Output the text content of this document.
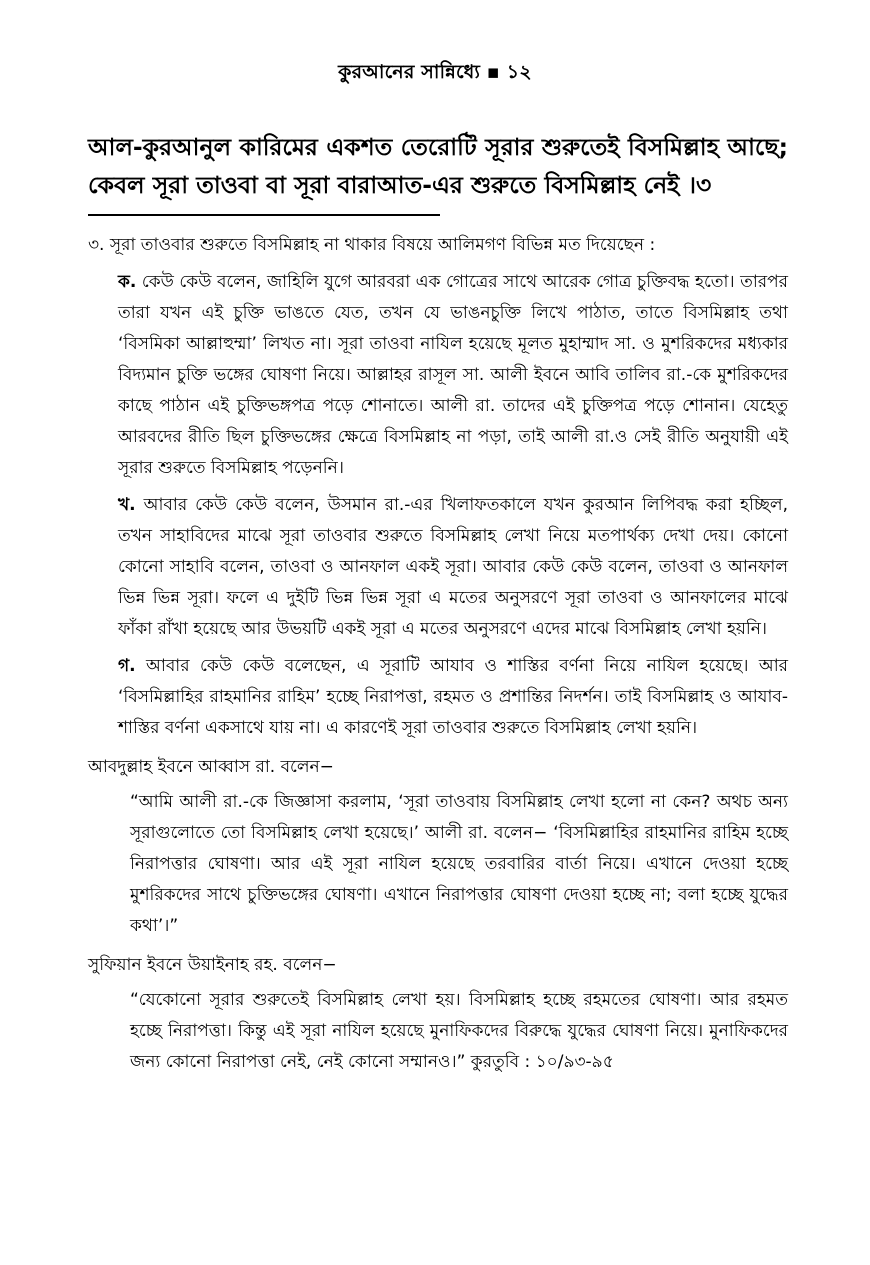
কুরআনের সান্নিধ্যে ▪ ১২

আল-কুরআনুল কারিমের একশত তেরোটি সূরার শুরুতেই বিসমিল্লাহ আছে; কেবল সূরা তাওবা বা সূরা বারাআত-এর শুরুতে বিসমিল্লাহ নেই ।৩

৩. সূরা তাওবার শুরুতে বিসমিল্লাহ না থাকার বিষয়ে আলিমগণ বিভিন্ন মত দিয়েছেন :

ক. কেউ কেউ বলেন, জাহিলি যুগে আরবরা এক গোত্রের সাথে আরেক গোত্র চুক্তিবদ্ধ হতো। তারপর তারা যখন এই চুক্তি ভাঙতে যেত, তখন যে ভাঙনচুক্তি লিখে পাঠাত, তাতে বিসমিল্লাহ তথা ‘বিসমিকা আল্লাহুম্মা’ লিখত না। সূরা তাওবা নাযিল হয়েছে মূলত মুহাম্মাদ সা. ও মুশরিকদের মধ্যকার বিদ্যমান চুক্তি ভঙ্গের ঘোষণা নিয়ে। আল্লাহর রাসূল সা. আলী ইবনে আবি তালিব রা.-কে মুশরিকদের কাছে পাঠান এই চুক্তিভঙ্গপত্র পড়ে শোনাতে। আলী রা. তাদের এই চুক্তিপত্র পড়ে শোনান। যেহেতু আরবদের রীতি ছিল চুক্তিভঙ্গের ক্ষেত্রে বিসমিল্লাহ না পড়া, তাই আলী রা.ও সেই রীতি অনুযায়ী এই সূরার শুরুতে বিসমিল্লাহ পড়েননি।

খ. আবার কেউ কেউ বলেন, উসমান রা.-এর খিলাফতকালে যখন কুরআন লিপিবদ্ধ করা হচ্ছিল, তখন সাহাবিদের মাঝে সূরা তাওবার শুরুতে বিসমিল্লাহ লেখা নিয়ে মতপার্থক্য দেখা দেয়। কোনো কোনো সাহাবি বলেন, তাওবা ও আনফাল একই সূরা। আবার কেউ কেউ বলেন, তাওবা ও আনফাল ভিন্ন ভিন্ন সূরা। ফলে এ দুইটি ভিন্ন ভিন্ন সূরা এ মতের অনুসরণে সূরা তাওবা ও আনফালের মাঝে ফাঁকা রাঁখা হয়েছে আর উভয়টি একই সূরা এ মতের অনুসরণে এদের মাঝে বিসমিল্লাহ লেখা হয়নি।

গ. আবার কেউ কেউ বলেছেন, এ সূরাটি আযাব ও শাস্তির বর্ণনা নিয়ে নাযিল হয়েছে। আর ‘বিসমিল্লাহির রাহমানির রাহিম’ হচ্ছে নিরাপত্তা, রহমত ও প্রশান্তির নিদর্শন। তাই বিসমিল্লাহ ও আযাব-শাস্তির বর্ণনা একসাথে যায় না। এ কারণেই সূরা তাওবার শুরুতে বিসমিল্লাহ লেখা হয়নি।

আবদুল্লাহ ইবনে আব্বাস রা. বলেন−

“আমি আলী রা.-কে জিজ্ঞাসা করলাম, ‘সূরা তাওবায় বিসমিল্লাহ লেখা হলো না কেন? অথচ অন্য সূরাগুলোতে তো বিসমিল্লাহ লেখা হয়েছে।’ আলী রা. বলেন− ‘বিসমিল্লাহির রাহমানির রাহিম হচ্ছে নিরাপত্তার ঘোষণা। আর এই সূরা নাযিল হয়েছে তরবারির বার্তা নিয়ে। এখানে দেওয়া হচ্ছে মুশরিকদের সাথে চুক্তিভঙ্গের ঘোষণা। এখানে নিরাপত্তার ঘোষণা দেওয়া হচ্ছে না; বলা হচ্ছে যুদ্ধের কথা’।”

সুফিয়ান ইবনে উয়াইনাহ রহ. বলেন−

“যেকোনো সূরার শুরুতেই বিসমিল্লাহ লেখা হয়। বিসমিল্লাহ হচ্ছে রহমতের ঘোষণা। আর রহমত হচ্ছে নিরাপত্তা। কিন্তু এই সূরা নাযিল হয়েছে মুনাফিকদের বিরুদ্ধে যুদ্ধের ঘোষণা নিয়ে। মুনাফিকদের জন্য কোনো নিরাপত্তা নেই, নেই কোনো সম্মানও।” কুরতুবি : ১০/৯৩-৯৫
